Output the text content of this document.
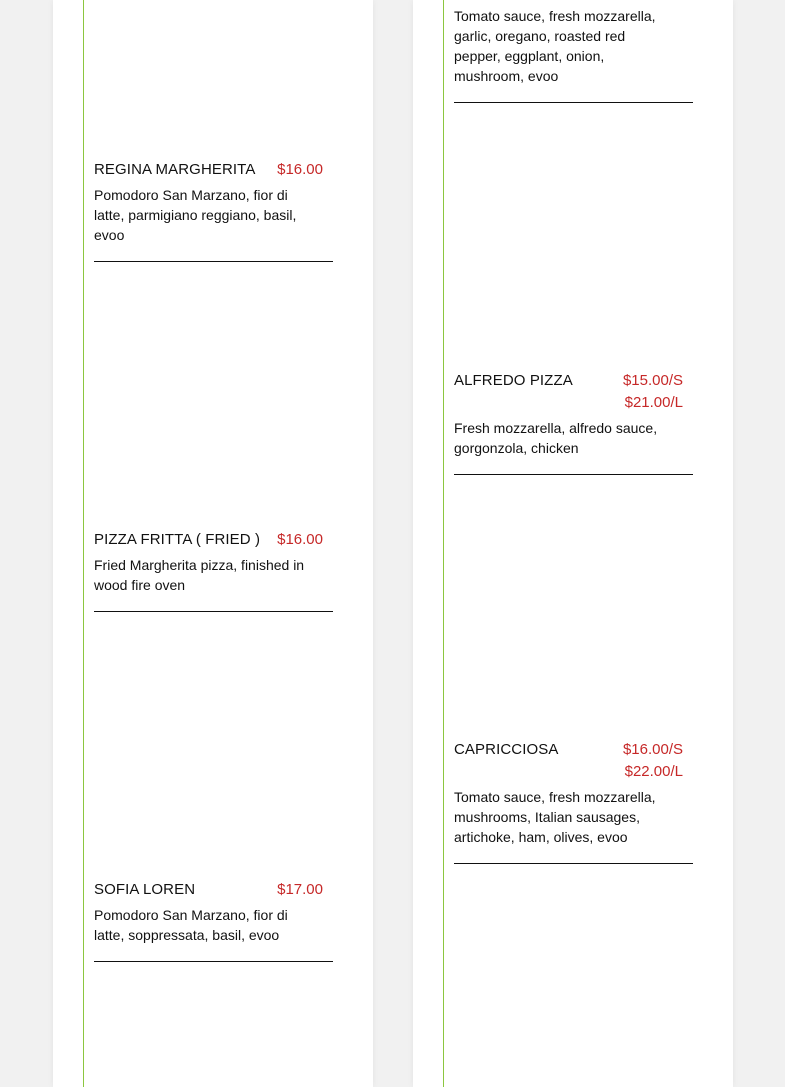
REGINA MARGHERITA	$16.00
Pomodoro San Marzano, fior di latte, parmigiano reggiano, basil, evoo
PIZZA FRITTA ( FRIED )	$16.00
Fried Margherita pizza, finished in wood fire oven
SOFIA LOREN	$17.00
Pomodoro San Marzano, fior di latte, soppressata, basil, evoo
Tomato sauce, fresh mozzarella, garlic, oregano, roasted red pepper, eggplant, onion, mushroom, evoo
ALFREDO PIZZA	$15.00/S
$21.00/L
Fresh mozzarella, alfredo sauce, gorgonzola, chicken
CAPRICCIOSA	$16.00/S
$22.00/L
Tomato sauce, fresh mozzarella, mushrooms, Italian sausages, artichoke, ham, olives, evoo
